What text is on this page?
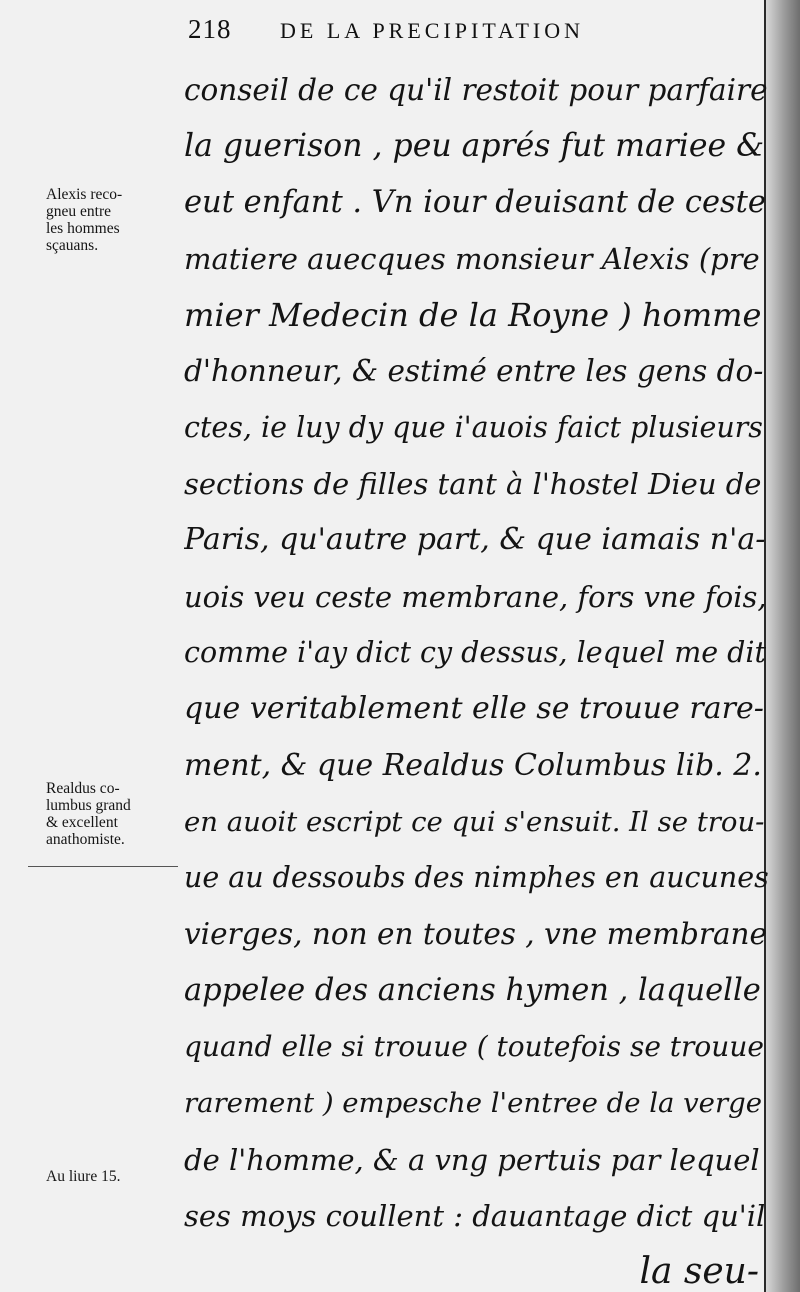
218 DE LA PRECIPITATION
Alexis reco-
gneu entre
les hommes
sçauans.
Realdus co-
lumbus grand
& excellent
anathomiste.
Au liure 15.
conseil de ce qu'il restoit pour parfaire
la guerison , peu aprés fut mariee &
eut enfant . Vn iour deuisant de ceste
matiere auecques monsieur Alexis (pre
mier Medecin de la Royne ) homme
d'honneur, & estimé entre les gens do-
ctes, ie luy dy que i'auois faict plusieurs
sections de filles tant à l'hostel Dieu de
Paris, qu'autre part, & que iamais n'a-
uois veu ceste membrane, fors vne fois,
comme i'ay dict cy dessus, lequel me dit
que veritablement elle se trouue rare-
ment, & que Realdus Columbus lib. 2.
en auoit escript ce qui s'ensuit. Il se trou-
ue au dessoubs des nimphes en aucunes
vierges, non en toutes , vne membrane
appelee des anciens hymen , laquelle
quand elle si trouue ( toutefois se trouue
rarement ) empesche l'entree de la verge
de l'homme, & a vng pertuis par lequel
ses moys coullent : dauantage dict qu'il
la seu-
